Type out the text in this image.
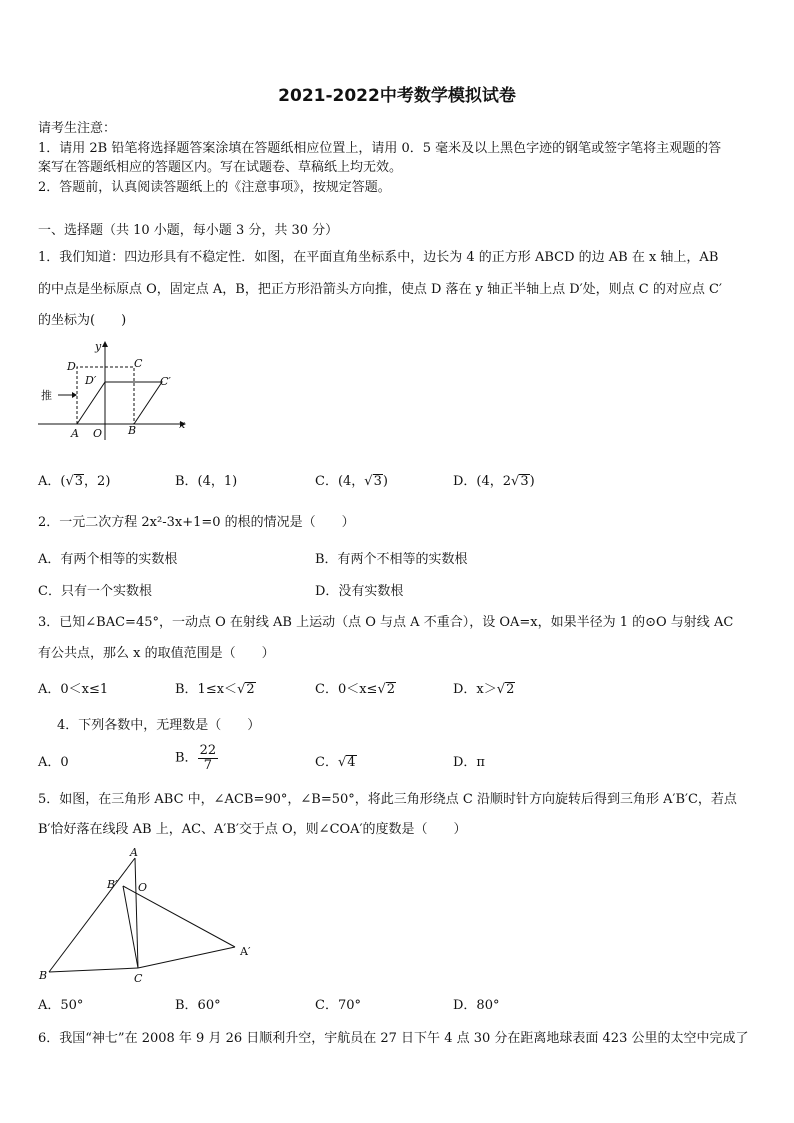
2021-2022中考数学模拟试卷
请考生注意：
1．请用 2B 铅笔将选择题答案涂填在答题纸相应位置上，请用 0．5 毫米及以上黑色字迹的钢笔或签字笔将主观题的答
案写在答题纸相应的答题区内。写在试题卷、草稿纸上均无效。
2．答题前，认真阅读答题纸上的《注意事项》，按规定答题。
一、选择题（共 10 小题，每小题 3 分，共 30 分）
1．我们知道：四边形具有不稳定性．如图，在平面直角坐标系中，边长为 4 的正方形 ABCD 的边 AB 在 x 轴上，AB
的中点是坐标原点 O，固定点 A，B，把正方形沿箭头方向推，使点 D 落在 y 轴正半轴上点 D′处，则点 C 的对应点 C′
的坐标为(　　)
推
y
x
D	C
D′	C′
A O B
A．(√3，2)	B．(4，1)	C．(4，√3)	D．(4，2√3)
2．一元二次方程 2x²-3x+1=0 的根的情况是（　　）
A．有两个相等的实数根	B．有两个不相等的实数根
C．只有一个实数根	D．没有实数根
3．已知∠BAC=45°，一动点 O 在射线 AB 上运动（点 O 与点 A 不重合），设 OA=x，如果半径为 1 的⊙O 与射线 AC
有公共点，那么 x 的取值范围是（　　）
A．0＜x≤1	B．1≤x＜√2	C．0＜x≤√2	D．x＞√2
4．下列各数中，无理数是（　　）
A．0	B． $\frac{22}{7}$	C．√4	D．π
5．如图，在三角形 ABC 中，∠ACB=90°，∠B=50°，将此三角形绕点 C 沿顺时针方向旋转后得到三角形 A′B′C，若点
B′恰好落在线段 AB 上，AC、A′B′交于点 O，则∠COA′的度数是（　　）
A
B′ O
A′
B	C
A．50°	B．60°	C．70°	D．80°
6．我国“神七”在 2008 年 9 月 26 日顺利升空，宇航员在 27 日下午 4 点 30 分在距离地球表面 423 公里的太空中完成了
